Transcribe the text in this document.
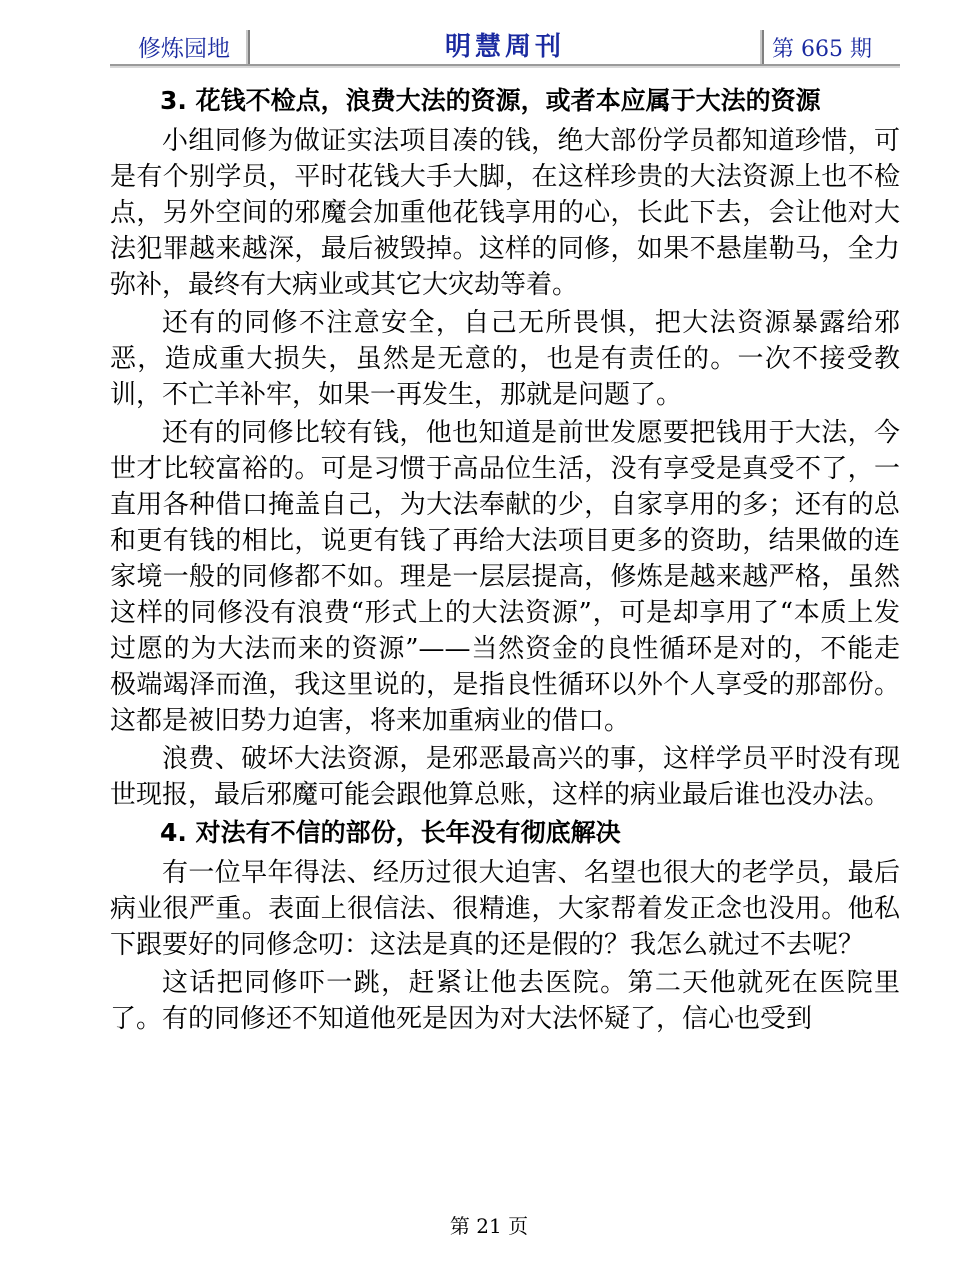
修炼园地	明慧周刊	第 665 期
3. 花钱不检点，浪费大法的资源，或者本应属于大法的资源

小组同修为做证实法项目凑的钱，绝大部份学员都知道珍惜，可是有个别学员，平时花钱大手大脚，在这样珍贵的大法资源上也不检点，另外空间的邪魔会加重他花钱享用的心，长此下去，会让他对大法犯罪越来越深，最后被毁掉。这样的同修，如果不悬崖勒马，全力弥补，最终有大病业或其它大灾劫等着。

还有的同修不注意安全，自己无所畏惧，把大法资源暴露给邪恶，造成重大损失，虽然是无意的，也是有责任的。一次不接受教训，不亡羊补牢，如果一再发生，那就是问题了。

还有的同修比较有钱，他也知道是前世发愿要把钱用于大法，今世才比较富裕的。可是习惯于高品位生活，没有享受是真受不了，一直用各种借口掩盖自己，为大法奉献的少，自家享用的多；还有的总和更有钱的相比，说更有钱了再给大法项目更多的资助，结果做的连家境一般的同修都不如。理是一层层提高，修炼是越来越严格，虽然这样的同修没有浪费“形式上的大法资源”，可是却享用了“本质上发过愿的为大法而来的资源”——当然资金的良性循环是对的，不能走极端竭泽而渔，我这里说的，是指良性循环以外个人享受的那部份。这都是被旧势力迫害，将来加重病业的借口。

浪费、破坏大法资源，是邪恶最高兴的事，这样学员平时没有现世现报，最后邪魔可能会跟他算总账，这样的病业最后谁也没办法。

4. 对法有不信的部份，长年没有彻底解决

有一位早年得法、经历过很大迫害、名望也很大的老学员，最后病业很严重。表面上很信法、很精進，大家帮着发正念也没用。他私下跟要好的同修念叨：这法是真的还是假的？我怎么就过不去呢？

这话把同修吓一跳，赶紧让他去医院。第二天他就死在医院里了。有的同修还不知道他死是因为对大法怀疑了，信心也受到

第 21 页
